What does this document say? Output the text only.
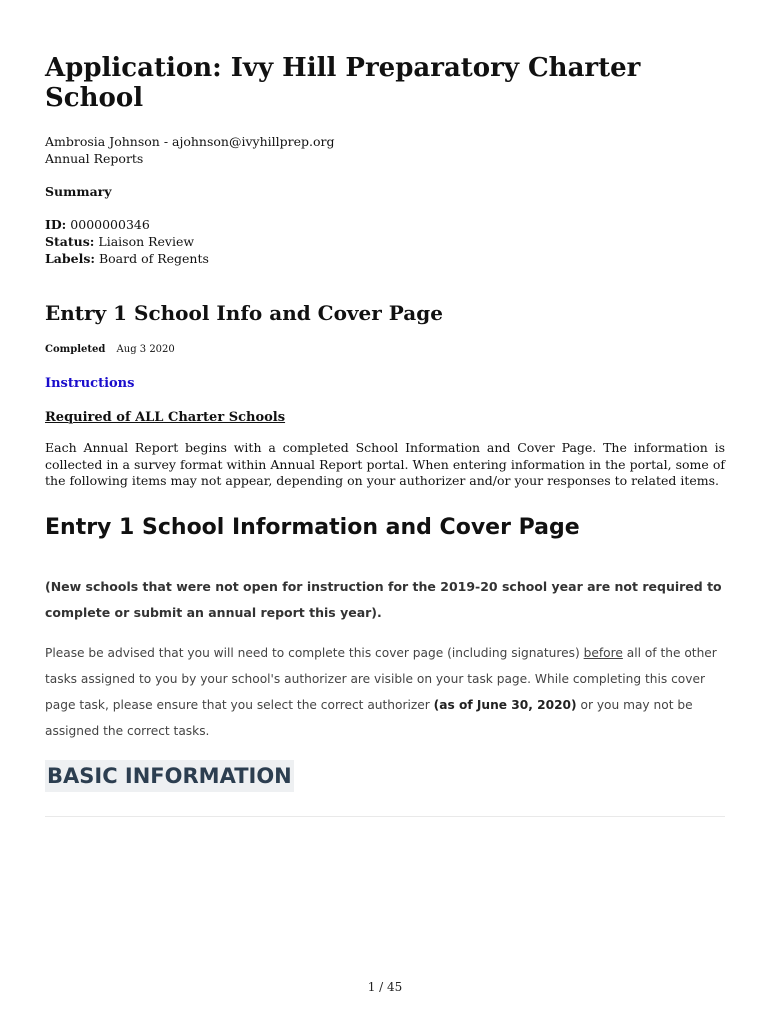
Application: Ivy Hill Preparatory Charter School
Ambrosia Johnson - ajohnson@ivyhillprep.org
Annual Reports
Summary
ID: 0000000346
Status: Liaison Review
Labels: Board of Regents
Entry 1 School Info and Cover Page
Completed Aug 3 2020
Instructions
Required of ALL Charter Schools

Each Annual Report begins with a completed School Information and Cover Page. The information is collected in a survey format within Annual Report portal. When entering information in the portal, some of the following items may not appear, depending on your authorizer and/or your responses to related items.

Entry 1 School Information and Cover Page

(New schools that were not open for instruction for the 2019-20 school year are not required to complete or submit an annual report this year).

Please be advised that you will need to complete this cover page (including signatures) before all of the other tasks assigned to you by your school's authorizer are visible on your task page. While completing this cover page task, please ensure that you select the correct authorizer (as of June 30, 2020) or you may not be assigned the correct tasks.

BASIC INFORMATION
1 / 45
